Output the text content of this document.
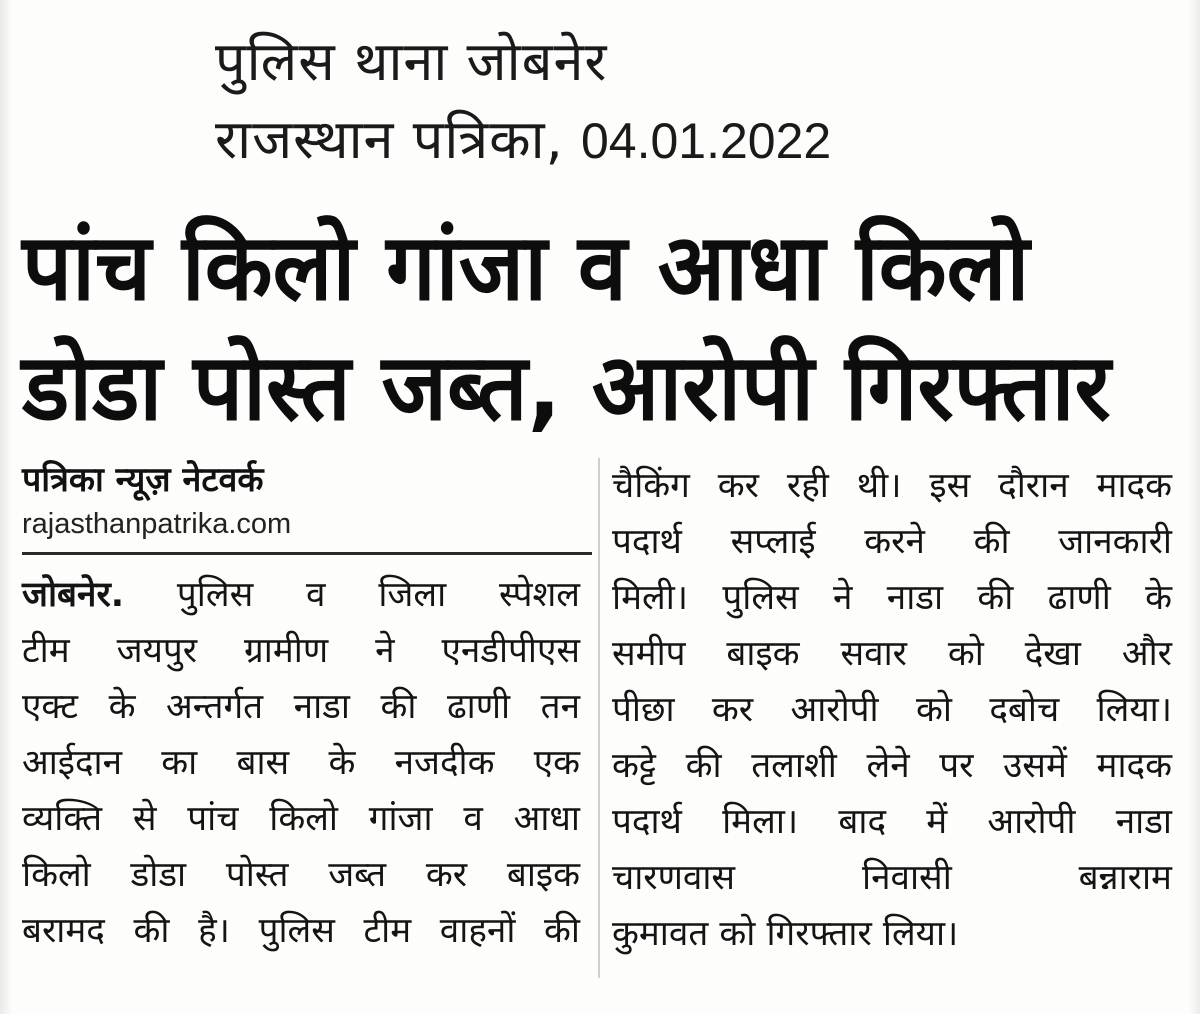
पुलिस थाना जोबनेर
राजस्थान पत्रिका, 04.01.2022
पांच किलो गांजा व आधा किलो
डोडा पोस्त जब्त, आरोपी गिरफ्तार
पत्रिका न्यूज़ नेटवर्क
rajasthanpatrika.com
जोबनेर. पुलिस व जिला स्पेशल
टीम जयपुर ग्रामीण ने एनडीपीएस
एक्ट के अन्तर्गत नाडा की ढाणी तन
आईदान का बास के नजदीक एक
व्यक्ति से पांच किलो गांजा व आधा
किलो डोडा पोस्त जब्त कर बाइक
बरामद की है। पुलिस टीम वाहनों की
चैकिंग कर रही थी। इस दौरान मादक
पदार्थ सप्लाई करने की जानकारी
मिली। पुलिस ने नाडा की ढाणी के
समीप बाइक सवार को देखा और
पीछा कर आरोपी को दबोच लिया।
कट्टे की तलाशी लेने पर उसमें मादक
पदार्थ मिला। बाद में आरोपी नाडा
चारणवास निवासी बन्नाराम
कुमावत को गिरफ्तार लिया।
